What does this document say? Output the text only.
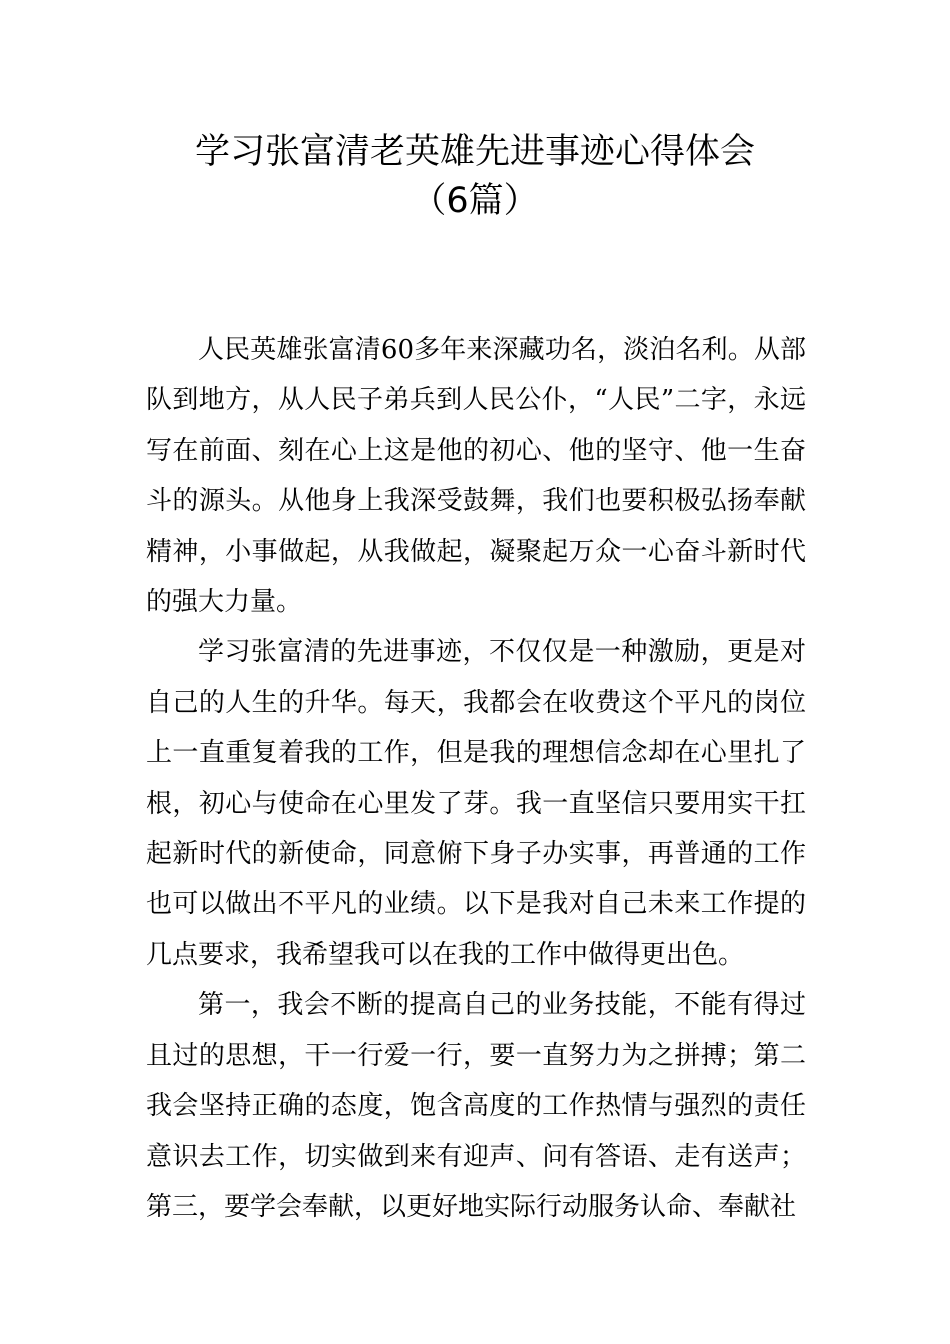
学习张富清老英雄先进事迹心得体会
（6篇）

人民英雄张富清60多年来深藏功名，淡泊名利。从部队到地方，从人民子弟兵到人民公仆，“人民”二字，永远写在前面、刻在心上这是他的初心、他的坚守、他一生奋斗的源头。从他身上我深受鼓舞，我们也要积极弘扬奉献精神，小事做起，从我做起，凝聚起万众一心奋斗新时代的强大力量。

学习张富清的先进事迹，不仅仅是一种激励，更是对自己的人生的升华。每天，我都会在收费这个平凡的岗位上一直重复着我的工作，但是我的理想信念却在心里扎了根，初心与使命在心里发了芽。我一直坚信只要用实干扛起新时代的新使命，同意俯下身子办实事，再普通的工作也可以做出不平凡的业绩。以下是我对自己未来工作提的几点要求，我希望我可以在我的工作中做得更出色。

第一，我会不断的提高自己的业务技能，不能有得过且过的思想，干一行爱一行，要一直努力为之拼搏；第二我会坚持正确的态度，饱含高度的工作热情与强烈的责任意识去工作，切实做到来有迎声、问有答语、走有送声；第三，要学会奉献，以更好地实际行动服务认命、奉献社
